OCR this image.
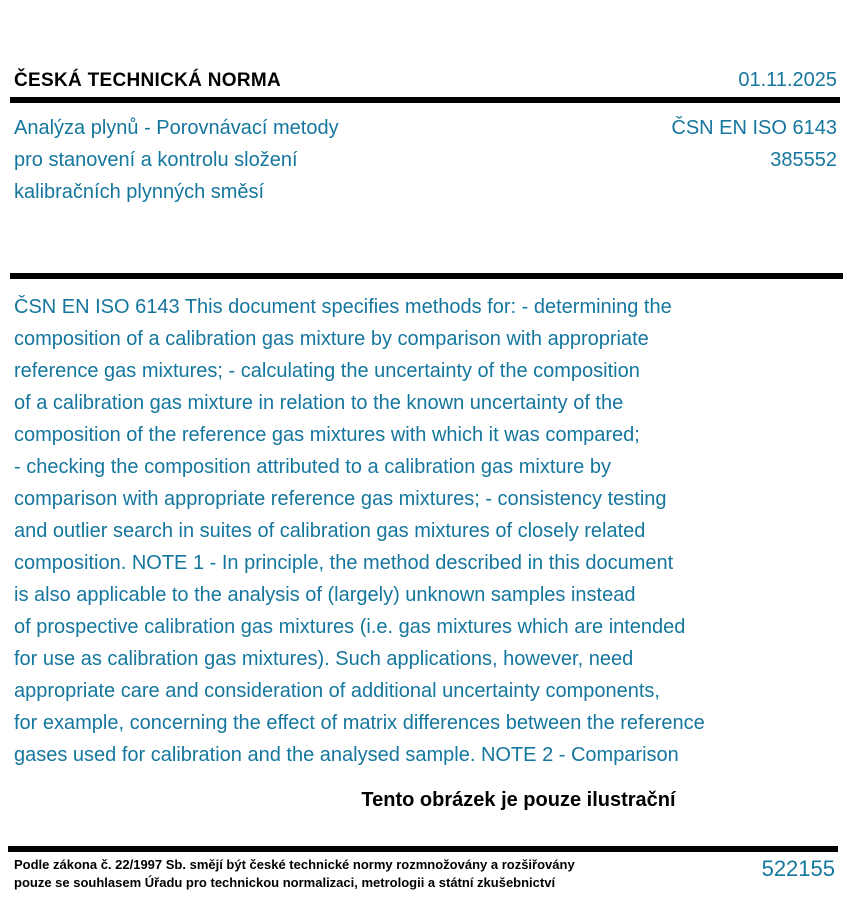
ČESKÁ TECHNICKÁ NORMA	01.11.2025
Analýza plynů - Porovnávací metody
pro stanovení a kontrolu složení
kalibračních plynných směsí
ČSN EN ISO 6143
385552
ČSN EN ISO 6143 This document specifies methods for: - determining the
composition of a calibration gas mixture by comparison with appropriate
reference gas mixtures; - calculating the uncertainty of the composition
of a calibration gas mixture in relation to the known uncertainty of the
composition of the reference gas mixtures with which it was compared;
- checking the composition attributed to a calibration gas mixture by
comparison with appropriate reference gas mixtures; - consistency testing
and outlier search in suites of calibration gas mixtures of closely related
composition. NOTE 1 - In principle, the method described in this document
is also applicable to the analysis of (largely) unknown samples instead
of prospective calibration gas mixtures (i.e. gas mixtures which are intended
for use as calibration gas mixtures). Such applications, however, need
appropriate care and consideration of additional uncertainty components,
for example, concerning the effect of matrix differences between the reference
gases used for calibration and the analysed sample. NOTE 2 - Comparison
Tento obrázek je pouze ilustrační
Podle zákona č. 22/1997 Sb. smějí být české technické normy rozmnožovány a rozšiřovány
pouze se souhlasem Úřadu pro technickou normalizaci, metrologii a státní zkušebnictví
522155
